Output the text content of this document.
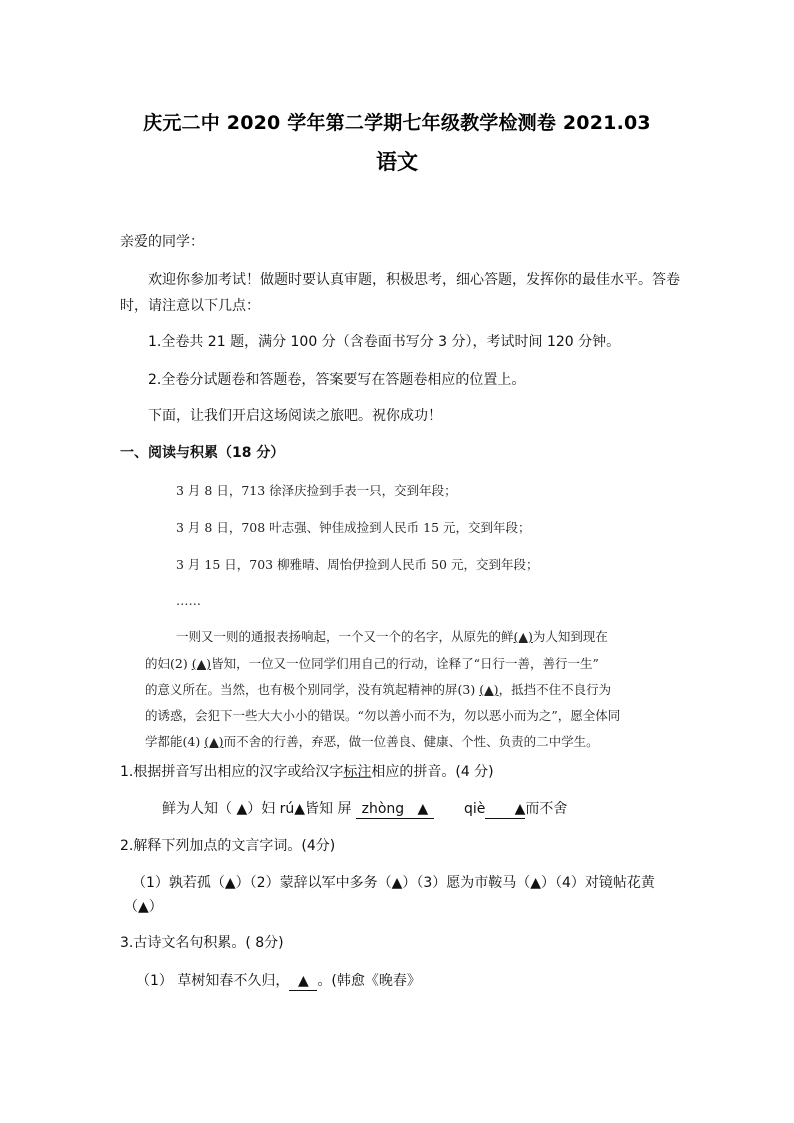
庆元二中 2020 学年第二学期七年级教学检测卷 2021.03
语文
亲爱的同学：
欢迎你参加考试！做题时要认真审题，积极思考，细心答题，发挥你的最佳水平。答卷
时，请注意以下几点：
1.全卷共 21 题，满分 100 分（含卷面书写分 3 分），考试时间 120 分钟。
2.全卷分试题卷和答题卷，答案要写在答题卷相应的位置上。
下面，让我们开启这场阅读之旅吧。祝你成功！
一、阅读与积累（18 分）
3 月 8 日，713 徐泽庆捡到手表一只，交到年段；
3 月 8 日，708 叶志强、钟佳成捡到人民币 15 元，交到年段；
3 月 15 日，703 柳雅晴、周怡伊捡到人民币 50 元，交到年段；
……
一则又一则的通报表扬响起，一个又一个的名字，从原先的鲜(▲)为人知到现在
的妇(2) (▲)皆知，一位又一位同学们用自己的行动，诠释了“日行一善，善行一生”
的意义所在。当然，也有极个别同学，没有筑起精神的屏(3) (▲)，抵挡不住不良行为
的诱惑，会犯下一些大大小小的错误。“勿以善小而不为，勿以恶小而为之”，愿全体同
学都能(4) (▲)而不舍的行善，弃恶，做一位善良、健康、个性、负责的二中学生。
1.根据拼音写出相应的汉字或给汉字标注相应的拼音。(4 分)
鲜为人知（ ▲）妇 rú▲皆知 屏 zhòng ▲	qiè ▲而不舍
2.解释下列加点的文言字词。(4分)
（1）孰若孤（▲）（2）蒙辞以军中多务（▲）（3）愿为市鞍马（▲）（4）对镜帖花黄
（▲）
3.古诗文名句积累。( 8分)
（1） 草树知春不久归， ▲ 。(韩愈《晚春》
